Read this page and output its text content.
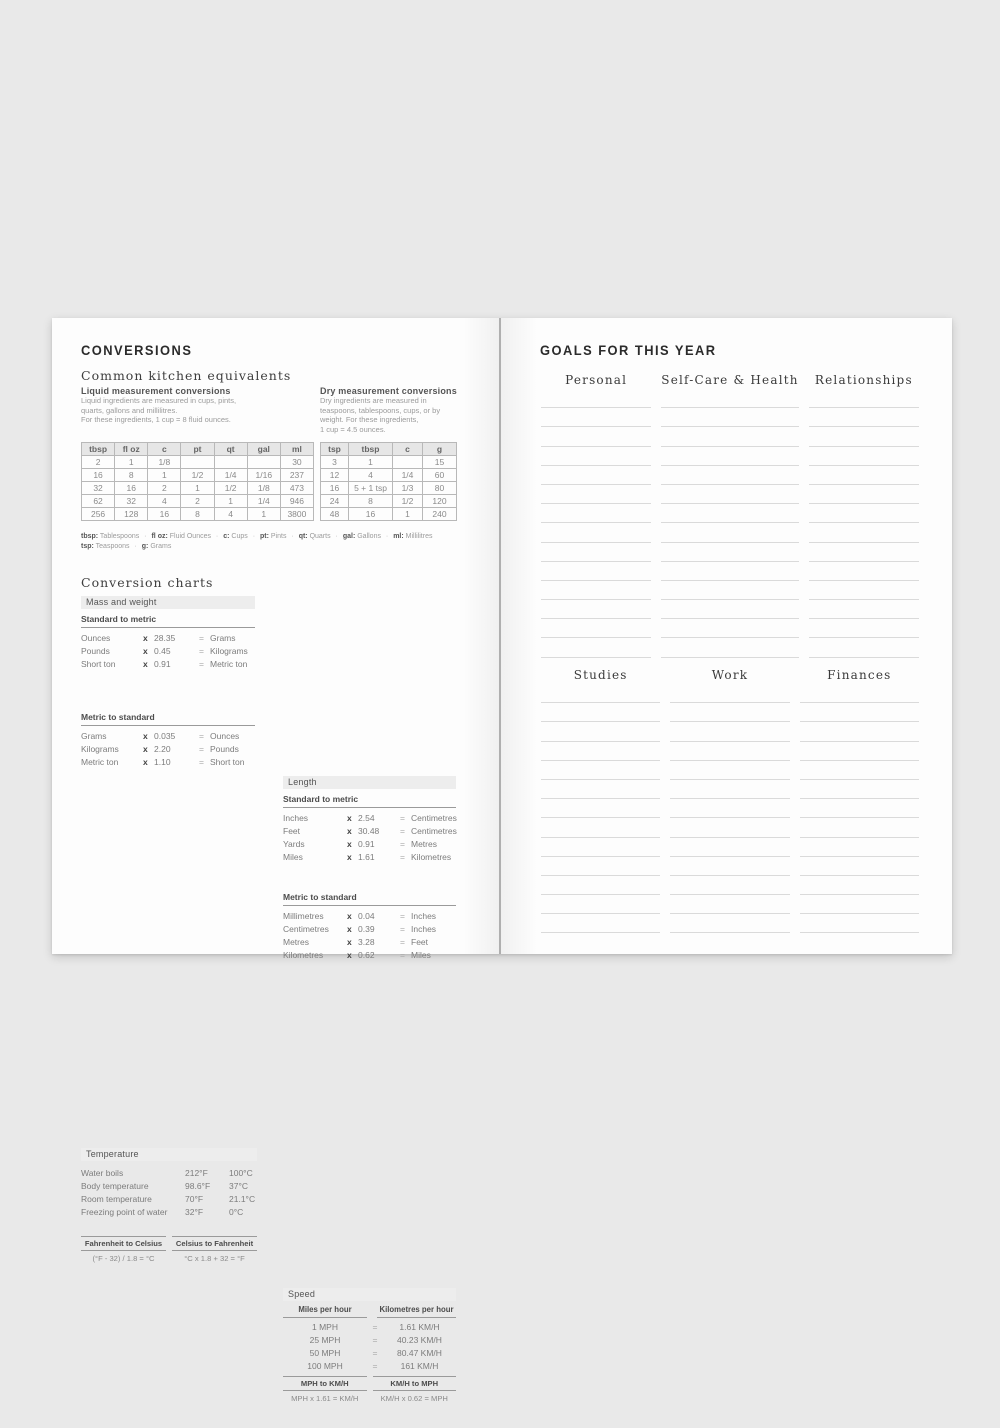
CONVERSIONS
Common kitchen equivalents
Liquid measurement conversions
Liquid ingredients are measured in cups, pints,
quarts, gallons and millilitres.
For these ingredients, 1 cup = 8 fluid ounces.
Dry measurement conversions
Dry ingredients are measured in
teaspoons, tablespoons, cups, or by
weight. For these ingredients,
1 cup = 4.5 ounces.
tbsp	fl oz	c	pt	qt	gal	ml
2	1	1/8				30
16	8	1	1/2	1/4	1/16	237
32	16	2	1	1/2	1/8	473
62	32	4	2	1	1/4	946
256	128	16	8	4	1	3800
tsp	tbsp	c	g
3	1		15
12	4	1/4	60
16	5 + 1 tsp	1/3	80
24	8	1/2	120
48	16	1	240
tbsp: Tablespoons · fl oz: Fluid Ounces · c: Cups · pt: Pints · qt: Quarts · gal: Gallons · ml: Millilitres
tsp: Teaspoons · g: Grams
Conversion charts
Mass and weight
Standard to metric
Ounces	x 28.35	= Grams
Pounds	x 0.45	= Kilograms
Short ton	x 0.91	= Metric ton
Metric to standard
Grams	x 0.035	= Ounces
Kilograms	x 2.20	= Pounds
Metric ton	x 1.10	= Short ton
Length
Standard to metric
Inches	x 2.54	= Centimetres
Feet	x 30.48	= Centimetres
Yards	x 0.91	= Metres
Miles	x 1.61	= Kilometres
Metric to standard
Millimetres	x 0.04	= Inches
Centimetres	x 0.39	= Inches
Metres	x 3.28	= Feet
Kilometres	x 0.62	= Miles
Temperature
Water boils	212°F	100°C
Body temperature	98.6°F	37°C
Room temperature	70°F	21.1°C
Freezing point of water	32°F	0°C
Fahrenheit to Celsius
(°F - 32) / 1.8 = °C
Celsius to Fahrenheit
°C x 1.8 + 32 = °F
Speed
Miles per hour	Kilometres per hour
1 MPH	=	1.61 KM/H
25 MPH	=	40.23 KM/H
50 MPH	=	80.47 KM/H
100 MPH	=	161 KM/H
MPH to KM/H
MPH x 1.61 = KM/H
KM/H to MPH
KM/H x 0.62 = MPH
GOALS FOR THIS YEAR
Personal	Self-Care & Health	Relationships
Studies	Work	Finances
